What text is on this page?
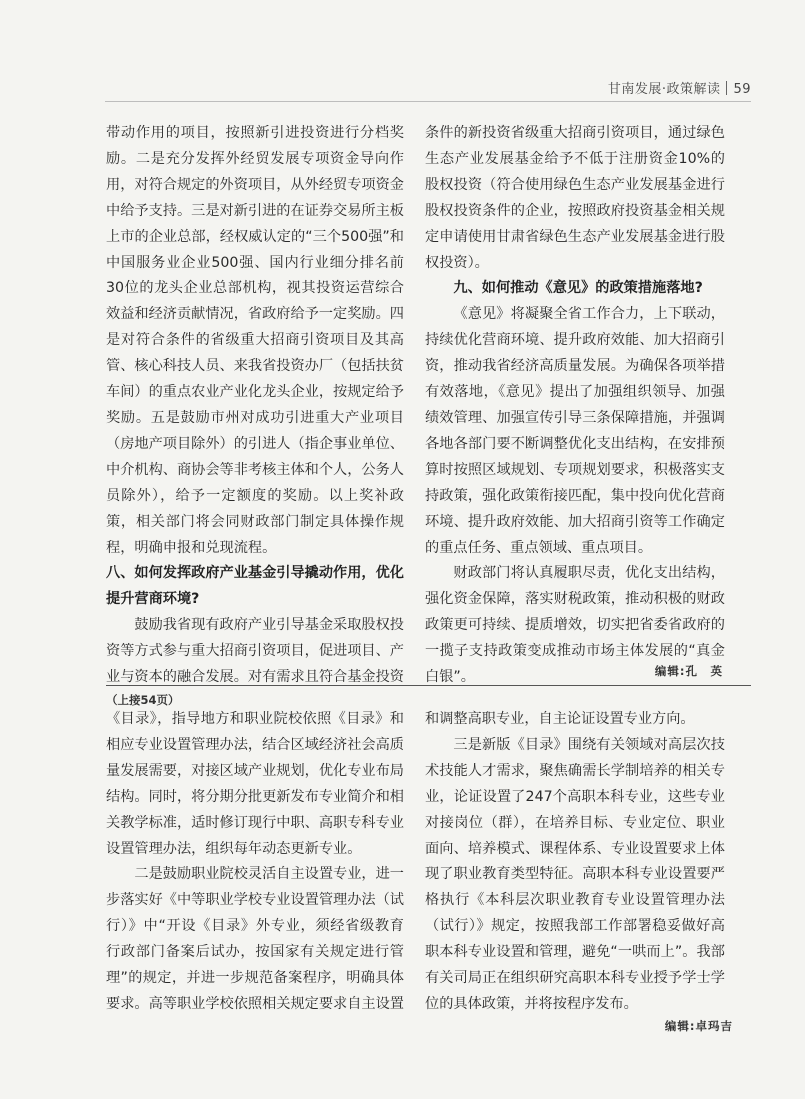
甘南发展·政策解读 59

带动作用的项目，按照新引进投资进行分档奖励。二是充分发挥外经贸发展专项资金导向作用，对符合规定的外资项目，从外经贸专项资金中给予支持。三是对新引进的在证券交易所主板上市的企业总部，经权威认定的“三个500强”和中国服务业企业500强、国内行业细分排名前30位的龙头企业总部机构，视其投资运营综合效益和经济贡献情况，省政府给予一定奖励。四是对符合条件的省级重大招商引资项目及其高管、核心科技人员、来我省投资办厂（包括扶贫车间）的重点农业产业化龙头企业，按规定给予奖励。五是鼓励市州对成功引进重大产业项目（房地产项目除外）的引进人（指企事业单位、中介机构、商协会等非考核主体和个人，公务人员除外），给予一定额度的奖励。以上奖补政策，相关部门将会同财政部门制定具体操作规程，明确申报和兑现流程。

八、如何发挥政府产业基金引导撬动作用，优化提升营商环境?

鼓励我省现有政府产业引导基金采取股权投资等方式参与重大招商引资项目，促进项目、产业与资本的融合发展。对有需求且符合基金投资

条件的新投资省级重大招商引资项目，通过绿色生态产业发展基金给予不低于注册资金10%的股权投资（符合使用绿色生态产业发展基金进行股权投资条件的企业，按照政府投资基金相关规定申请使用甘肃省绿色生态产业发展基金进行股权投资）。

九、如何推动《意见》的政策措施落地?

《意见》将凝聚全省工作合力，上下联动，持续优化营商环境、提升政府效能、加大招商引资，推动我省经济高质量发展。为确保各项举措有效落地，《意见》提出了加强组织领导、加强绩效管理、加强宣传引导三条保障措施，并强调各地各部门要不断调整优化支出结构，在安排预算时按照区域规划、专项规划要求，积极落实支持政策，强化政策衔接匹配，集中投向优化营商环境、提升政府效能、加大招商引资等工作确定的重点任务、重点领域、重点项目。

财政部门将认真履职尽责，优化支出结构，强化资金保障，落实财税政策，推动积极的财政政策更可持续、提质增效，切实把省委省政府的一揽子支持政策变成推动市场主体发展的“真金白银”。	编辑:孔　英
（上接54页）

《目录》，指导地方和职业院校依照《目录》和相应专业设置管理办法，结合区域经济社会高质量发展需要，对接区域产业规划，优化专业布局结构。同时，将分期分批更新发布专业简介和相关教学标准，适时修订现行中职、高职专科专业设置管理办法，组织每年动态更新专业。

二是鼓励职业院校灵活自主设置专业，进一步落实好《中等职业学校专业设置管理办法（试行）》中“开设《目录》外专业，须经省级教育行政部门备案后试办，按国家有关规定进行管理”的规定，并进一步规范备案程序，明确具体要求。高等职业学校依照相关规定要求自主设置

和调整高职专业，自主论证设置专业方向。

三是新版《目录》围绕有关领域对高层次技术技能人才需求，聚焦确需长学制培养的相关专业，论证设置了247个高职本科专业，这些专业对接岗位（群），在培养目标、专业定位、职业面向、培养模式、课程体系、专业设置要求上体现了职业教育类型特征。高职本科专业设置要严格执行《本科层次职业教育专业设置管理办法（试行）》规定，按照我部工作部署稳妥做好高职本科专业设置和管理，避免“一哄而上”。我部有关司局正在组织研究高职本科专业授予学士学位的具体政策，并将按程序发布。

编辑:卓玛吉
